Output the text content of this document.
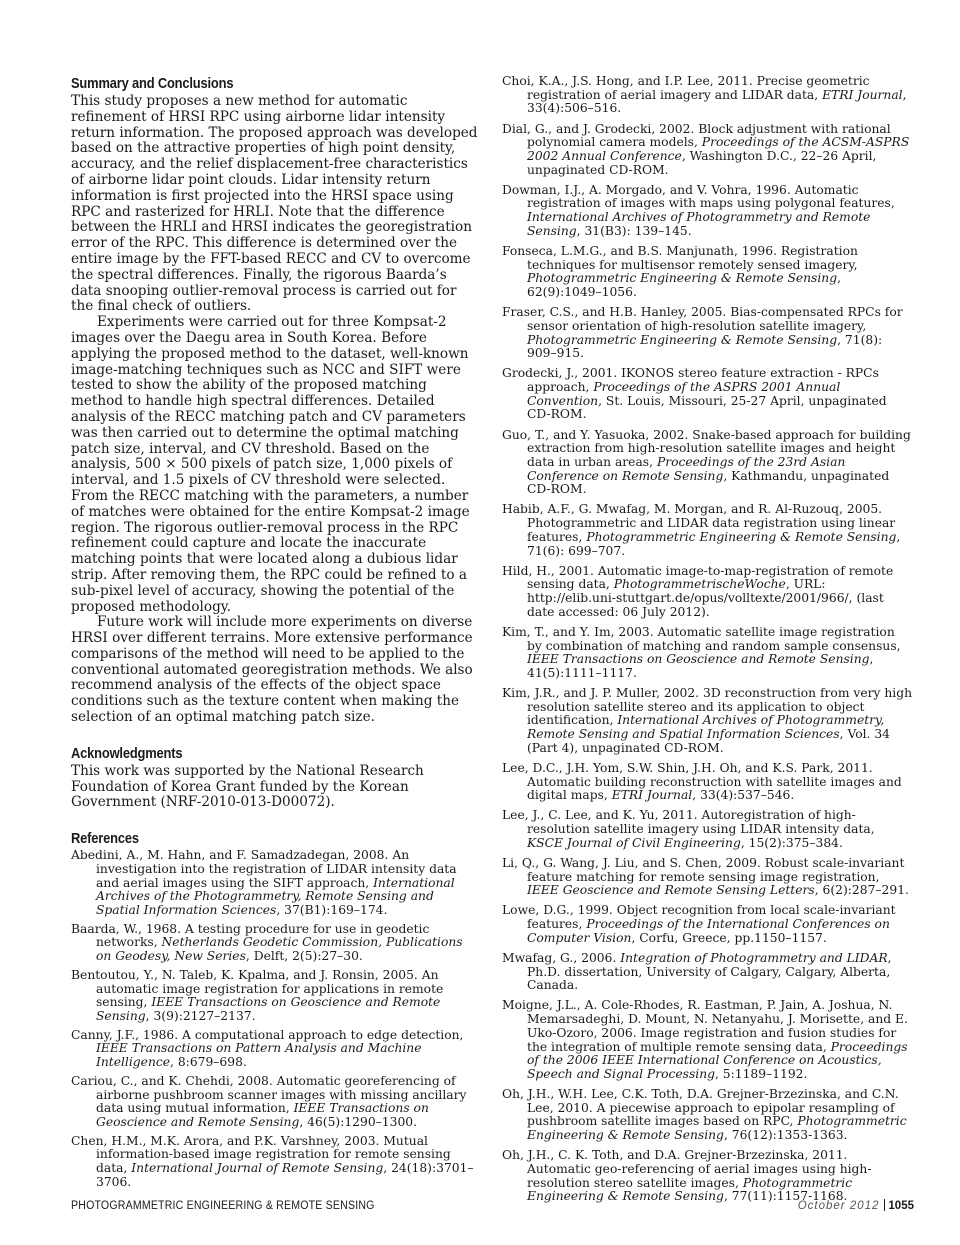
Summary and Conclusions

This study proposes a new method for automatic refinement of HRSI RPC using airborne lidar intensity return information. The proposed approach was developed based on the attractive properties of high point density, accuracy, and the relief displacement-free characteristics of airborne lidar point clouds. Lidar intensity return information is first projected into the HRSI space using RPC and rasterized for HRLI. Note that the difference between the HRLI and HRSI indicates the georegistration error of the RPC. This difference is determined over the entire image by the FFT-based RECC and CV to overcome the spectral differences. Finally, the rigorous Baarda’s data snooping outlier-removal process is carried out for the final check of outliers.

Experiments were carried out for three Kompsat-2 images over the Daegu area in South Korea. Before applying the proposed method to the dataset, well-known image-matching techniques such as NCC and SIFT were tested to show the ability of the proposed matching method to handle high spectral differences. Detailed analysis of the RECC matching patch and CV parameters was then carried out to determine the optimal matching patch size, interval, and CV threshold. Based on the analysis, 500 × 500 pixels of patch size, 1,000 pixels of interval, and 1.5 pixels of CV threshold were selected. From the RECC matching with the parameters, a number of matches were obtained for the entire Kompsat-2 image region. The rigorous outlier-removal process in the RPC refinement could capture and locate the inaccurate matching points that were located along a dubious lidar strip. After removing them, the RPC could be refined to a sub-pixel level of accuracy, showing the potential of the proposed methodology.

Future work will include more experiments on diverse HRSI over different terrains. More extensive performance comparisons of the method will need to be applied to the conventional automated georegistration methods. We also recommend analysis of the effects of the object space conditions such as the texture content when making the selection of an optimal matching patch size.

Acknowledgments

This work was supported by the National Research Foundation of Korea Grant funded by the Korean Government (NRF-2010-013-D00072).

References

Abedini, A., M. Hahn, and F. Samadzadegan, 2008. An investigation into the registration of LIDAR intensity data and aerial images using the SIFT approach, International Archives of the Photogrammetry, Remote Sensing and Spatial Information Sciences, 37(B1):169–174.

Baarda, W., 1968. A testing procedure for use in geodetic networks, Netherlands Geodetic Commission, Publications on Geodesy, New Series, Delft, 2(5):27–30.

Bentoutou, Y., N. Taleb, K. Kpalma, and J. Ronsin, 2005. An automatic image registration for applications in remote sensing, IEEE Transactions on Geoscience and Remote Sensing, 3(9):2127–2137.

Canny, J.F., 1986. A computational approach to edge detection, IEEE Transactions on Pattern Analysis and Machine Intelligence, 8:679–698.

Cariou, C., and K. Chehdi, 2008. Automatic georeferencing of airborne pushbroom scanner images with missing ancillary data using mutual information, IEEE Transactions on Geoscience and Remote Sensing, 46(5):1290–1300.

Chen, H.M., M.K. Arora, and P.K. Varshney, 2003. Mutual information-based image registration for remote sensing data, International Journal of Remote Sensing, 24(18):3701–3706.

Choi, K.A., J.S. Hong, and I.P. Lee, 2011. Precise geometric registration of aerial imagery and LIDAR data, ETRI Journal, 33(4):506–516.

Dial, G., and J. Grodecki, 2002. Block adjustment with rational polynomial camera models, Proceedings of the ACSM-ASPRS 2002 Annual Conference, Washington D.C., 22–26 April, unpaginated CD-ROM.

Dowman, I.J., A. Morgado, and V. Vohra, 1996. Automatic registration of images with maps using polygonal features, International Archives of Photogrammetry and Remote Sensing, 31(B3): 139–145.

Fonseca, L.M.G., and B.S. Manjunath, 1996. Registration techniques for multisensor remotely sensed imagery, Photogrammetric Engineering & Remote Sensing, 62(9):1049–1056.

Fraser, C.S., and H.B. Hanley, 2005. Bias-compensated RPCs for sensor orientation of high-resolution satellite imagery, Photogrammetric Engineering & Remote Sensing, 71(8): 909–915.

Grodecki, J., 2001. IKONOS stereo feature extraction - RPCs approach, Proceedings of the ASPRS 2001 Annual Convention, St. Louis, Missouri, 25-27 April, unpaginated CD-ROM.

Guo, T., and Y. Yasuoka, 2002. Snake-based approach for building extraction from high-resolution satellite images and height data in urban areas, Proceedings of the 23rd Asian Conference on Remote Sensing, Kathmandu, unpaginated CD-ROM.

Habib, A.F., G. Mwafag, M. Morgan, and R. Al-Ruzouq, 2005. Photogrammetric and LIDAR data registration using linear features, Photogrammetric Engineering & Remote Sensing, 71(6): 699–707.

Hild, H., 2001. Automatic image-to-map-registration of remote sensing data, PhotogrammetrischeWoche, URL: http://elib.uni-stuttgart.de/opus/volltexte/2001/966/, (last date accessed: 06 July 2012).

Kim, T., and Y. Im, 2003. Automatic satellite image registration by combination of matching and random sample consensus, IEEE Transactions on Geoscience and Remote Sensing, 41(5):1111–1117.

Kim, J.R., and J. P. Muller, 2002. 3D reconstruction from very high resolution satellite stereo and its application to object identification, International Archives of Photogrammetry, Remote Sensing and Spatial Information Sciences, Vol. 34 (Part 4), unpaginated CD-ROM.

Lee, D.C., J.H. Yom, S.W. Shin, J.H. Oh, and K.S. Park, 2011. Automatic building reconstruction with satellite images and digital maps, ETRI Journal, 33(4):537–546.

Lee, J., C. Lee, and K. Yu, 2011. Autoregistration of high-resolution satellite imagery using LIDAR intensity data, KSCE Journal of Civil Engineering, 15(2):375–384.

Li, Q., G. Wang, J. Liu, and S. Chen, 2009. Robust scale-invariant feature matching for remote sensing image registration, IEEE Geoscience and Remote Sensing Letters, 6(2):287–291.

Lowe, D.G., 1999. Object recognition from local scale-invariant features, Proceedings of the International Conferences on Computer Vision, Corfu, Greece, pp.1150–1157.

Mwafag, G., 2006. Integration of Photogrammetry and LIDAR, Ph.D. dissertation, University of Calgary, Calgary, Alberta, Canada.

Moigne, J.L., A. Cole-Rhodes, R. Eastman, P. Jain, A. Joshua, N. Memarsadeghi, D. Mount, N. Netanyahu, J. Morisette, and E. Uko-Ozoro, 2006. Image registration and fusion studies for the integration of multiple remote sensing data, Proceedings of the 2006 IEEE International Conference on Acoustics, Speech and Signal Processing, 5:1189–1192.

Oh, J.H., W.H. Lee, C.K. Toth, D.A. Grejner-Brzezinska, and C.N. Lee, 2010. A piecewise approach to epipolar resampling of pushbroom satellite images based on RPC, Photogrammetric Engineering & Remote Sensing, 76(12):1353-1363.

Oh, J.H., C. K. Toth, and D.A. Grejner-Brzezinska, 2011. Automatic geo-referencing of aerial images using high-resolution stereo satellite images, Photogrammetric Engineering & Remote Sensing, 77(11):1157-1168.

PHOTOGRAMMETRIC ENGINEERING & REMOTE SENSING	October 2012 1055
